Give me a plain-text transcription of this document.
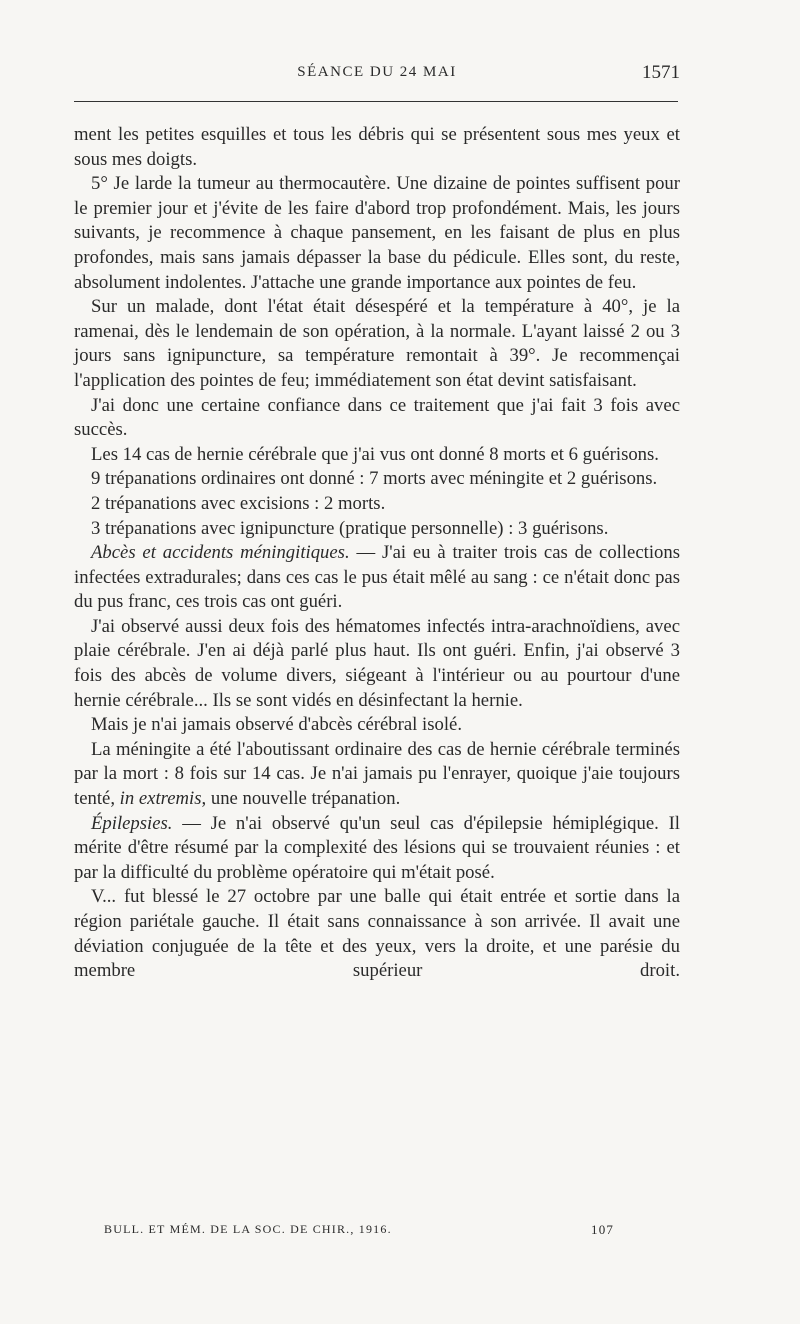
SÉANCE DU 24 MAI	1571

ment les petites esquilles et tous les débris qui se présentent sous mes yeux et sous mes doigts.

5° Je larde la tumeur au thermocautère. Une dizaine de pointes suffisent pour le premier jour et j'évite de les faire d'abord trop profondément. Mais, les jours suivants, je recommence à chaque pansement, en les faisant de plus en plus profondes, mais sans jamais dépasser la base du pédicule. Elles sont, du reste, absolument indolentes. J'attache une grande importance aux pointes de feu.

Sur un malade, dont l'état était désespéré et la température à 40°, je la ramenai, dès le lendemain de son opération, à la normale. L'ayant laissé 2 ou 3 jours sans ignipuncture, sa température remontait à 39°. Je recommençai l'application des pointes de feu; immédiatement son état devint satisfaisant.

J'ai donc une certaine confiance dans ce traitement que j'ai fait 3 fois avec succès.

Les 14 cas de hernie cérébrale que j'ai vus ont donné 8 morts et 6 guérisons.

9 trépanations ordinaires ont donné : 7 morts avec méningite et 2 guérisons.

2 trépanations avec excisions : 2 morts.

3 trépanations avec ignipuncture (pratique personnelle) : 3 guérisons.

Abcès et accidents méningitiques. — J'ai eu à traiter trois cas de collections infectées extradurales; dans ces cas le pus était mêlé au sang : ce n'était donc pas du pus franc, ces trois cas ont guéri.

J'ai observé aussi deux fois des hématomes infectés intra-arachnoïdiens, avec plaie cérébrale. J'en ai déjà parlé plus haut. Ils ont guéri. Enfin, j'ai observé 3 fois des abcès de volume divers, siégeant à l'intérieur ou au pourtour d'une hernie cérébrale... Ils se sont vidés en désinfectant la hernie.

Mais je n'ai jamais observé d'abcès cérébral isolé.

La méningite a été l'aboutissant ordinaire des cas de hernie cérébrale terminés par la mort : 8 fois sur 14 cas. Je n'ai jamais pu l'enrayer, quoique j'aie toujours tenté, in extremis, une nouvelle trépanation.

Épilepsies. — Je n'ai observé qu'un seul cas d'épilepsie hémiplégique. Il mérite d'être résumé par la complexité des lésions qui se trouvaient réunies : et par la difficulté du problème opératoire qui m'était posé.

V... fut blessé le 27 octobre par une balle qui était entrée et sortie dans la région pariétale gauche. Il était sans connaissance à son arrivée. Il avait une déviation conjuguée de la tête et des yeux, vers la droite, et une parésie du membre supérieur droit.

BULL. ET MÉM. DE LA SOC. DE CHIR., 1916.	107
